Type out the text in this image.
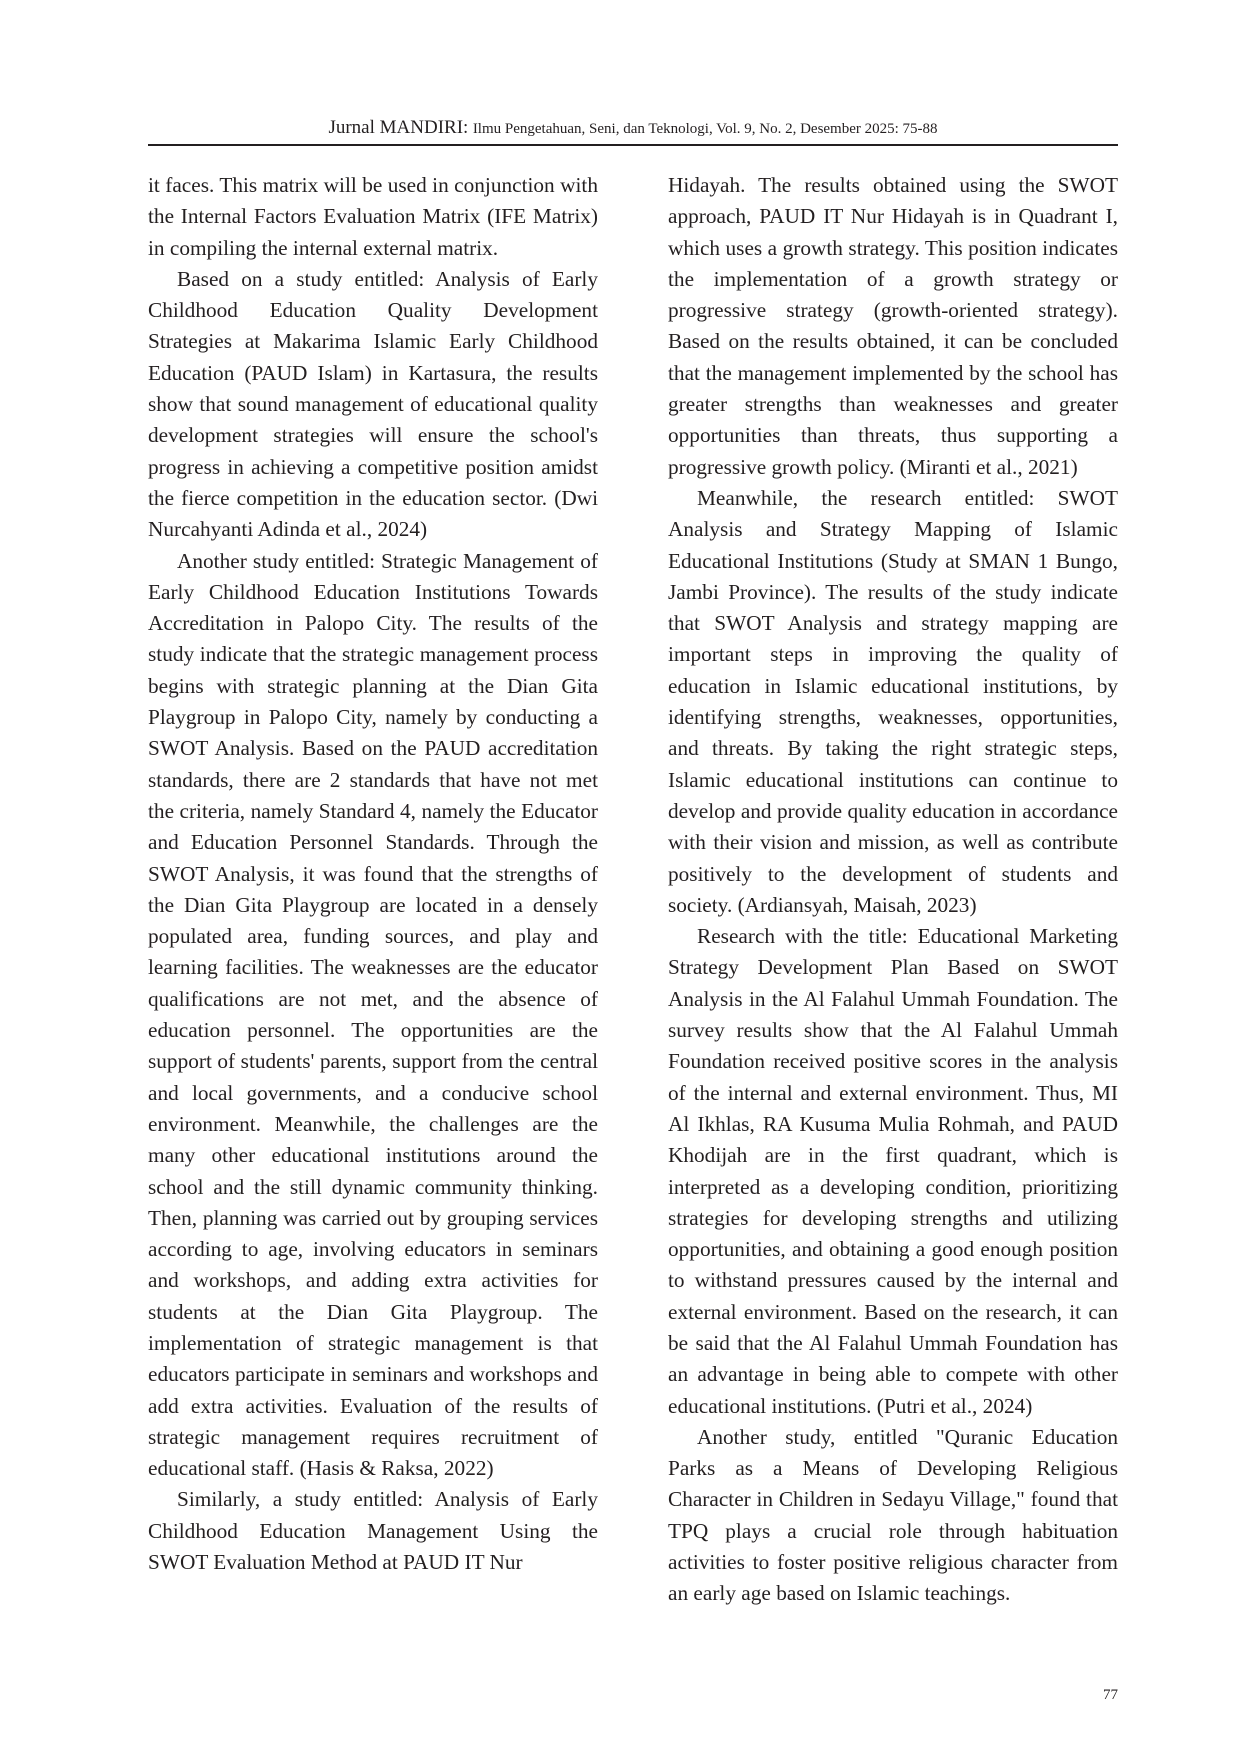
Jurnal MANDIRI: Ilmu Pengetahuan, Seni, dan Teknologi, Vol. 9, No. 2, Desember 2025: 75-88

it faces. This matrix will be used in conjunction with the Internal Factors Evaluation Matrix (IFE Matrix) in compiling the internal external matrix.

Based on a study entitled: Analysis of Early Childhood Education Quality Development Strategies at Makarima Islamic Early Childhood Education (PAUD Islam) in Kartasura, the results show that sound management of educational quality development strategies will ensure the school's progress in achieving a competitive position amidst the fierce competition in the education sector. (Dwi Nurcahyanti Adinda et al., 2024)

Another study entitled: Strategic Management of Early Childhood Education Institutions Towards Accreditation in Palopo City. The results of the study indicate that the strategic management process begins with strategic planning at the Dian Gita Playgroup in Palopo City, namely by conducting a SWOT Analysis. Based on the PAUD accreditation standards, there are 2 standards that have not met the criteria, namely Standard 4, namely the Educator and Education Personnel Standards. Through the SWOT Analysis, it was found that the strengths of the Dian Gita Playgroup are located in a densely populated area, funding sources, and play and learning facilities. The weaknesses are the educator qualifications are not met, and the absence of education personnel. The opportunities are the support of students' parents, support from the central and local governments, and a conducive school environment. Meanwhile, the challenges are the many other educational institutions around the school and the still dynamic community thinking. Then, planning was carried out by grouping services according to age, involving educators in seminars and workshops, and adding extra activities for students at the Dian Gita Playgroup. The implementation of strategic management is that educators participate in seminars and workshops and add extra activities. Evaluation of the results of strategic management requires recruitment of educational staff. (Hasis & Raksa, 2022)

Similarly, a study entitled: Analysis of Early Childhood Education Management Using the SWOT Evaluation Method at PAUD IT Nur

Hidayah. The results obtained using the SWOT approach, PAUD IT Nur Hidayah is in Quadrant I, which uses a growth strategy. This position indicates the implementation of a growth strategy or progressive strategy (growth-oriented strategy). Based on the results obtained, it can be concluded that the management implemented by the school has greater strengths than weaknesses and greater opportunities than threats, thus supporting a progressive growth policy. (Miranti et al., 2021)

Meanwhile, the research entitled: SWOT Analysis and Strategy Mapping of Islamic Educational Institutions (Study at SMAN 1 Bungo, Jambi Province). The results of the study indicate that SWOT Analysis and strategy mapping are important steps in improving the quality of education in Islamic educational institutions, by identifying strengths, weaknesses, opportunities, and threats. By taking the right strategic steps, Islamic educational institutions can continue to develop and provide quality education in accordance with their vision and mission, as well as contribute positively to the development of students and society. (Ardiansyah, Maisah, 2023)

Research with the title: Educational Marketing Strategy Development Plan Based on SWOT Analysis in the Al Falahul Ummah Foundation. The survey results show that the Al Falahul Ummah Foundation received positive scores in the analysis of the internal and external environment. Thus, MI Al Ikhlas, RA Kusuma Mulia Rohmah, and PAUD Khodijah are in the first quadrant, which is interpreted as a developing condition, prioritizing strategies for developing strengths and utilizing opportunities, and obtaining a good enough position to withstand pressures caused by the internal and external environment. Based on the research, it can be said that the Al Falahul Ummah Foundation has an advantage in being able to compete with other educational institutions. (Putri et al., 2024)

Another study, entitled "Quranic Education Parks as a Means of Developing Religious Character in Children in Sedayu Village," found that TPQ plays a crucial role through habituation activities to foster positive religious character from an early age based on Islamic teachings.

77
